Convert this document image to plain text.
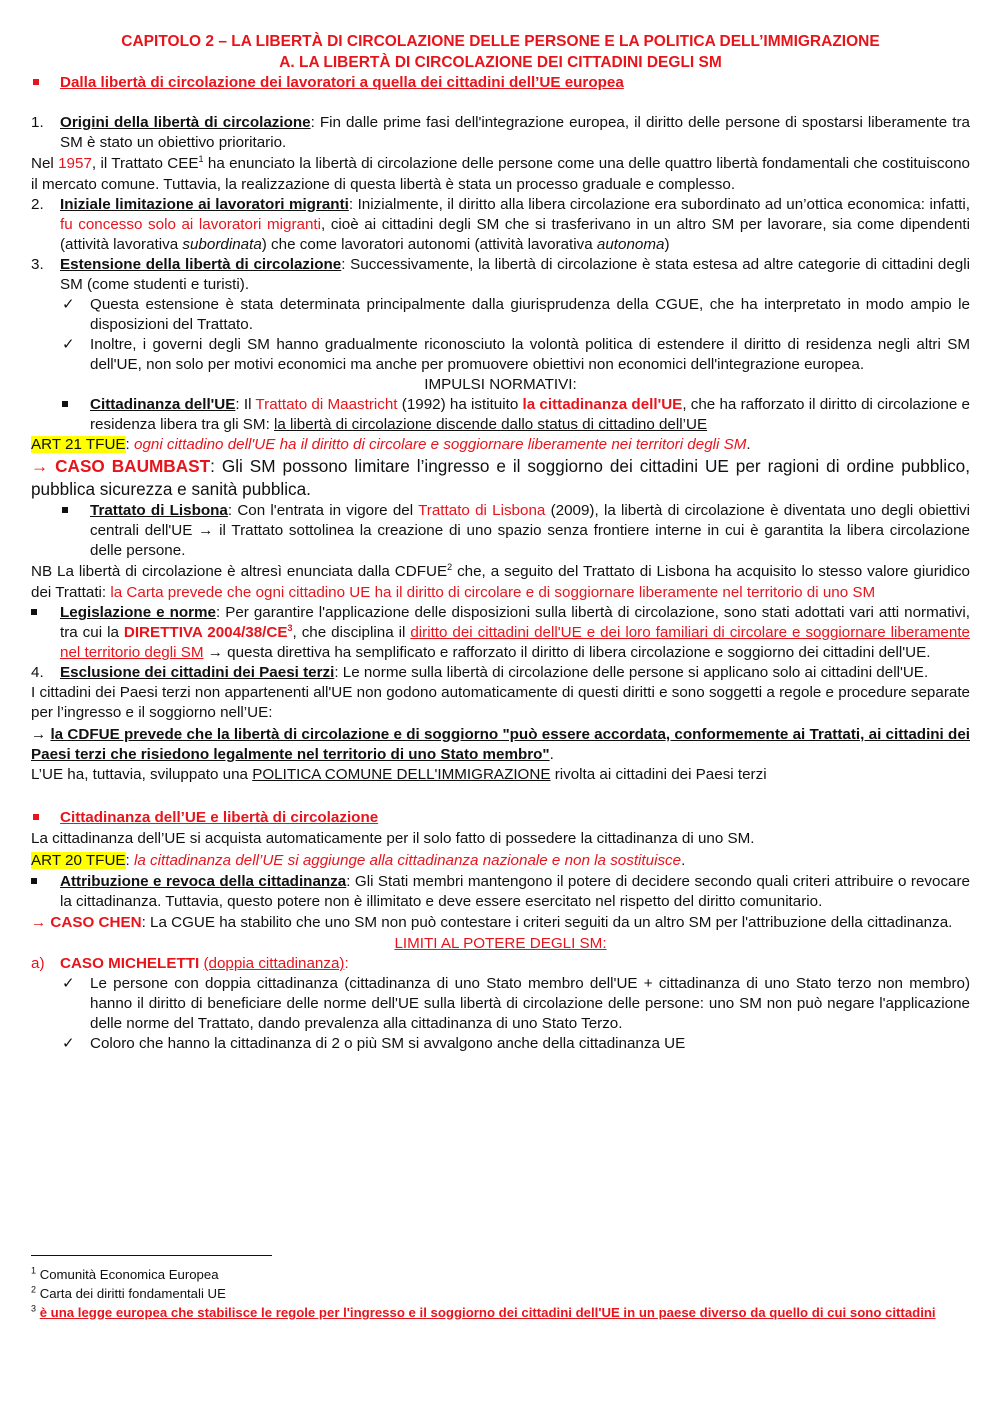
CAPITOLO 2 – LA LIBERTÀ DI CIRCOLAZIONE DELLE PERSONE E LA POLITICA DELL’IMMIGRAZIONE

A. LA LIBERTÀ DI CIRCOLAZIONE DEI CITTADINI DEGLI SM

Dalla libertà di circolazione dei lavoratori a quella dei cittadini dell’UE europea
1. Origini della libertà di circolazione: Fin dalle prime fasi dell'integrazione europea, il diritto delle persone di spostarsi liberamente tra SM è stato un obiettivo prioritario.

Nel 1957, il Trattato CEE$^1$ ha enunciato la libertà di circolazione delle persone come una delle quattro libertà fondamentali che costituiscono il mercato comune. Tuttavia, la realizzazione di questa libertà è stata un processo graduale e complesso.

2. Iniziale limitazione ai lavoratori migranti: Inizialmente, il diritto alla libera circolazione era subordinato ad un’ottica economica: infatti, fu concesso solo ai lavoratori migranti, cioè ai cittadini degli SM che si trasferivano in un altro SM per lavorare, sia come dipendenti (attività lavorativa subordinata) che come lavoratori autonomi (attività lavorativa autonoma)
3. Estensione della libertà di circolazione: Successivamente, la libertà di circolazione è stata estesa ad altre categorie di cittadini degli SM (come studenti e turisti).
✓ Questa estensione è stata determinata principalmente dalla giurisprudenza della CGUE, che ha interpretato in modo ampio le disposizioni del Trattato.
✓ Inoltre, i governi degli SM hanno gradualmente riconosciuto la volontà politica di estendere il diritto di residenza negli altri SM dell'UE, non solo per motivi economici ma anche per promuovere obiettivi non economici dell'integrazione europea.

IMPULSI NORMATIVI:

Cittadinanza dell'UE: Il Trattato di Maastricht (1992) ha istituito la cittadinanza dell'UE, che ha rafforzato il diritto di circolazione e residenza libera tra gli SM: la libertà di circolazione discende dallo status di cittadino dell’UE

ART 21 TFUE: ogni cittadino dell'UE ha il diritto di circolare e soggiornare liberamente nei territori degli SM.

→ CASO BAUMBAST: Gli SM possono limitare l’ingresso e il soggiorno dei cittadini UE per ragioni di ordine pubblico, pubblica sicurezza e sanità pubblica.

Trattato di Lisbona: Con l'entrata in vigore del Trattato di Lisbona (2009), la libertà di circolazione è diventata uno degli obiettivi centrali dell'UE → il Trattato sottolinea la creazione di uno spazio senza frontiere interne in cui è garantita la libera circolazione delle persone.

NB La libertà di circolazione è altresì enunciata dalla CDFUE$^2$ che, a seguito del Trattato di Lisbona ha acquisito lo stesso valore giuridico dei Trattati: la Carta prevede che ogni cittadino UE ha il diritto di circolare e di soggiornare liberamente nel territorio di uno SM

Legislazione e norme: Per garantire l'applicazione delle disposizioni sulla libertà di circolazione, sono stati adottati vari atti normativi, tra cui la DIRETTIVA $2004/38/CE^3$, che disciplina il diritto dei cittadini dell'UE e dei loro familiari di circolare e soggiornare liberamente nel territorio degli SM → questa direttiva ha semplificato e rafforzato il diritto di libera circolazione e soggiorno dei cittadini dell'UE.
4. Esclusione dei cittadini dei Paesi terzi: Le norme sulla libertà di circolazione delle persone si applicano solo ai cittadini dell'UE.

I cittadini dei Paesi terzi non appartenenti all'UE non godono automaticamente di questi diritti e sono soggetti a regole e procedure separate per l’ingresso e il soggiorno nell’UE:

→ la CDFUE prevede che la libertà di circolazione e di soggiorno "può essere accordata, conformemente ai Trattati, ai cittadini dei Paesi terzi che risiedono legalmente nel territorio di uno Stato membro".

L’UE ha, tuttavia, sviluppato una POLITICA COMUNE DELL'IMMIGRAZIONE rivolta ai cittadini dei Paesi terzi

Cittadinanza dell’UE e libertà di circolazione

La cittadinanza dell’UE si acquista automaticamente per il solo fatto di possedere la cittadinanza di uno SM.

ART 20 TFUE: la cittadinanza dell’UE si aggiunge alla cittadinanza nazionale e non la sostituisce.

Attribuzione e revoca della cittadinanza: Gli Stati membri mantengono il potere di decidere secondo quali criteri attribuire o revocare la cittadinanza. Tuttavia, questo potere non è illimitato e deve essere esercitato nel rispetto del diritto comunitario.

→ CASO CHEN: La CGUE ha stabilito che uno SM non può contestare i criteri seguiti da un altro SM per l'attribuzione della cittadinanza.

LIMITI AL POTERE DEGLI SM:

a) CASO MICHELETTI (doppia cittadinanza):
✓ Le persone con doppia cittadinanza (cittadinanza di uno Stato membro dell'UE + cittadinanza di uno Stato terzo non membro) hanno il diritto di beneficiare delle norme dell'UE sulla libertà di circolazione delle persone: uno SM non può negare l'applicazione delle norme del Trattato, dando prevalenza alla cittadinanza di uno Stato Terzo.
✓ Coloro che hanno la cittadinanza di 2 o più SM si avvalgono anche della cittadinanza UE

$^1$ Comunità Economica Europea

$^2$ Carta dei diritti fondamentali UE

$^3$ è una legge europea che stabilisce le regole per l'ingresso e il soggiorno dei cittadini dell'UE in un paese diverso da quello di cui sono cittadini
